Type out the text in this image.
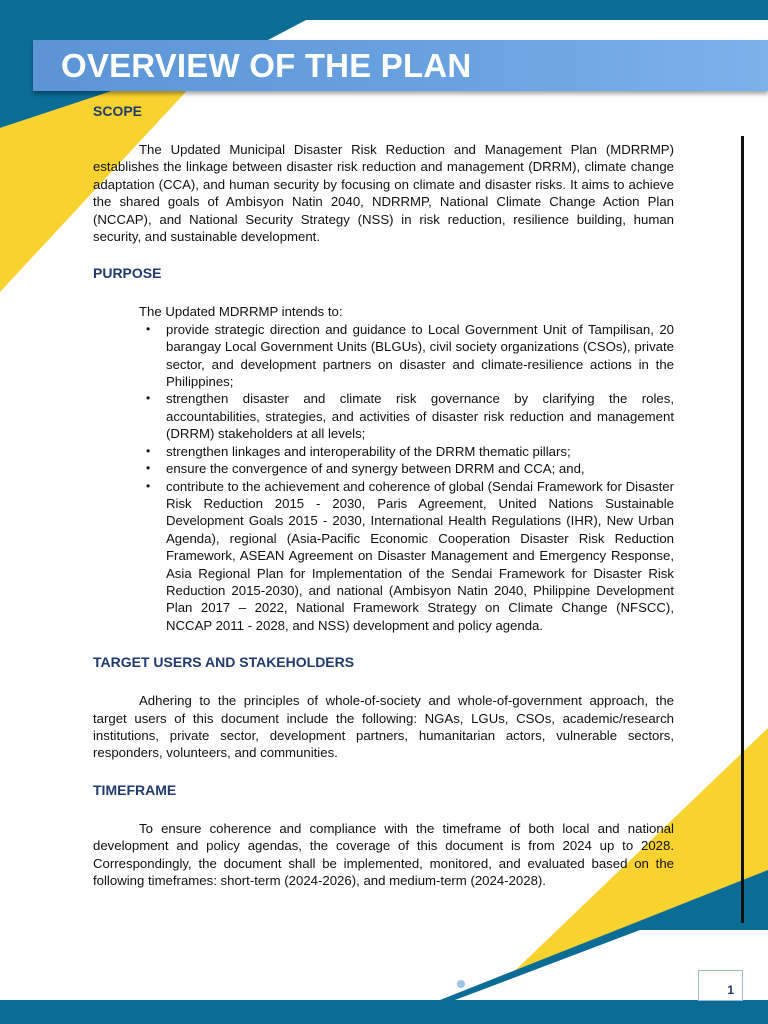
OVERVIEW OF THE PLAN
SCOPE

The Updated Municipal Disaster Risk Reduction and Management Plan (MDRRMP) establishes the linkage between disaster risk reduction and management (DRRM), climate change adaptation (CCA), and human security by focusing on climate and disaster risks. It aims to achieve the shared goals of Ambisyon Natin 2040, NDRRMP, National Climate Change Action Plan (NCCAP), and National Security Strategy (NSS) in risk reduction, resilience building, human security, and sustainable development.

PURPOSE

The Updated MDRRMP intends to:

• provide strategic direction and guidance to Local Government Unit of Tampilisan, 20 barangay Local Government Units (BLGUs), civil society organizations (CSOs), private sector, and development partners on disaster and climate-resilience actions in the Philippines;
• strengthen disaster and climate risk governance by clarifying the roles, accountabilities, strategies, and activities of disaster risk reduction and management (DRRM) stakeholders at all levels;
• strengthen linkages and interoperability of the DRRM thematic pillars;
• ensure the convergence of and synergy between DRRM and CCA; and,
• contribute to the achievement and coherence of global (Sendai Framework for Disaster Risk Reduction 2015 - 2030, Paris Agreement, United Nations Sustainable Development Goals 2015 - 2030, International Health Regulations (IHR), New Urban Agenda), regional (Asia-Pacific Economic Cooperation Disaster Risk Reduction Framework, ASEAN Agreement on Disaster Management and Emergency Response, Asia Regional Plan for Implementation of the Sendai Framework for Disaster Risk Reduction 2015-2030), and national (Ambisyon Natin 2040, Philippine Development Plan 2017 – 2022, National Framework Strategy on Climate Change (NFSCC), NCCAP 2011 - 2028, and NSS) development and policy agenda.
TARGET USERS AND STAKEHOLDERS

Adhering to the principles of whole-of-society and whole-of-government approach, the target users of this document include the following: NGAs, LGUs, CSOs, academic/research institutions, private sector, development partners, humanitarian actors, vulnerable sectors, responders, volunteers, and communities.

TIMEFRAME

To ensure coherence and compliance with the timeframe of both local and national development and policy agendas, the coverage of this document is from 2024 up to 2028. Correspondingly, the document shall be implemented, monitored, and evaluated based on the following timeframes: short-term (2024-2026), and medium-term (2024-2028).

1
